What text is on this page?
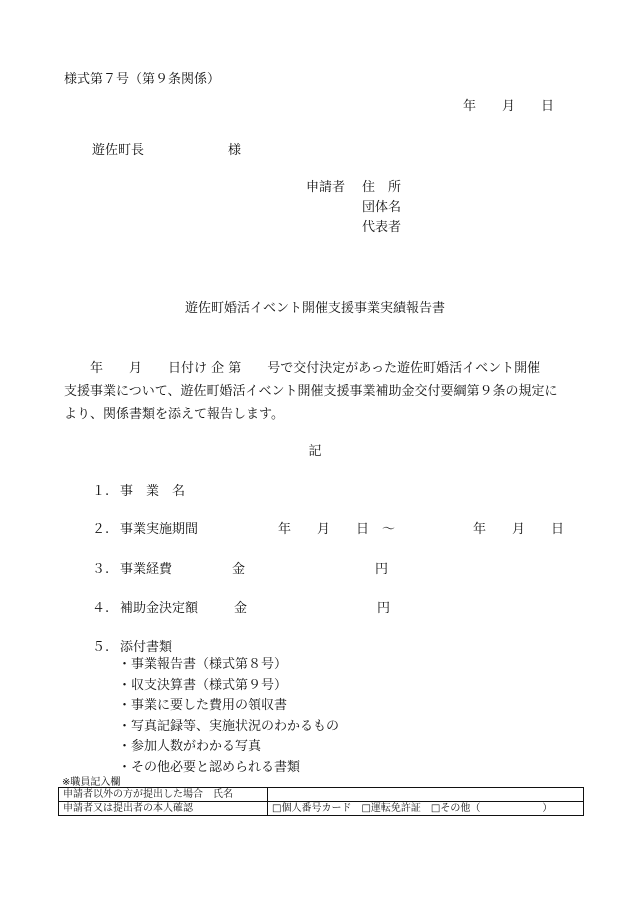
様式第７号（第９条関係）
年 月 日
遊佐町長	様
申請者	住　所
団体名
代表者
遊佐町婚活イベント開催支援事業実績報告書

　　年　　月　　日付け 企 第　　号で交付決定があった遊佐町婚活イベント開催

支援事業について、遊佐町婚活イベント開催支援事業補助金交付要綱第９条の規定に

より、関係書類を添えて報告します。

記
１. 事　業　名
２. 事業実施期間	年　　月　　日　～　　　　　　年　　月　　日
３. 事業経費	金　　　　　　　　　　円
４. 補助金決定額	金　　　　　　　　　　円
５. 添付書類
・事業報告書（様式第８号）
・収支決算書（様式第９号）
・事業に要した費用の領収書
・写真記録等、実施状況のわかるもの
・参加人数がわかる写真
・その他必要と認められる書類
※職員記入欄
申請者以外の方が提出した場合　氏名	
申請者又は提出者の本人確認	□個人番号カード □運転免許証 □その他（ ）
